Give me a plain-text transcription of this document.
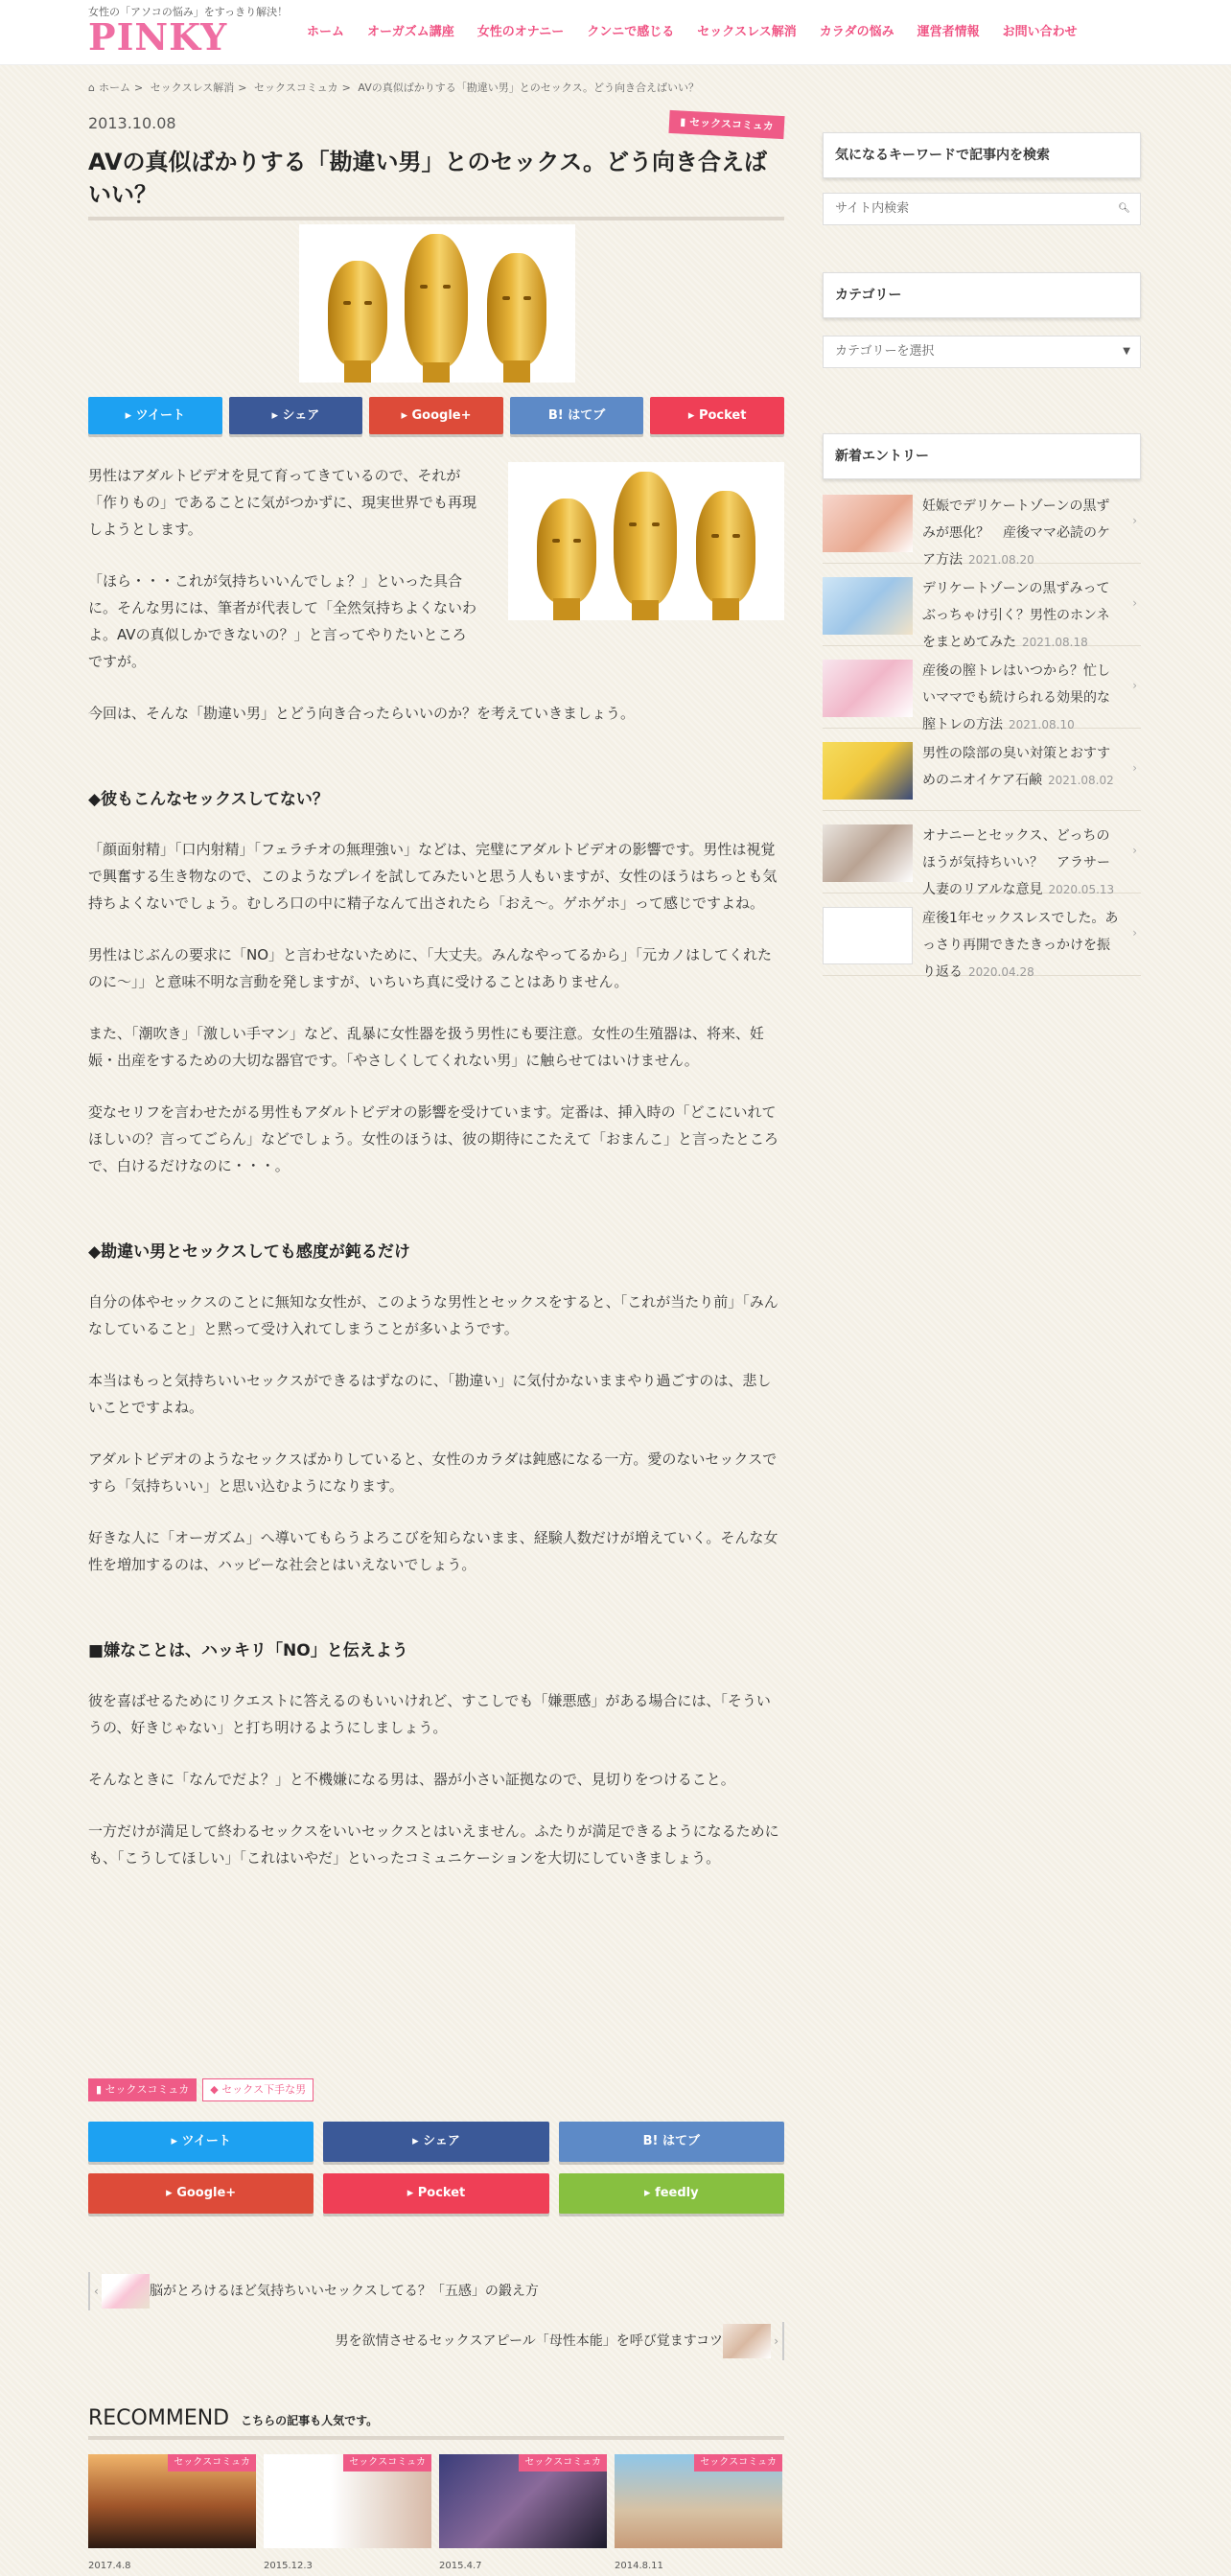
女性の「アソコの悩み」をすっきり解決！
PINKY	ホーム オーガズム講座 女性のオナニー クンニで感じる セックスレス解消 カラダの悩み 運営者情報 お問い合わせ
⌂ ホーム > セックスレス解消 > セックスコミュカ > AVの真似ばかりする「勘違い男」とのセックス。どう向き合えばいい？
2013.10.08	▮ セックスコミュカ
AVの真似ばかりする「勘違い男」とのセックス。どう向き合えばいい？
▸ ツイート	▸ シェア	▸ Google+	B! はてブ	▸ Pocket

男性はアダルトビデオを見て育ってきているので、それが「作りもの」であることに気がつかずに、現実世界でも再現しようとします。

「ほら・・・これが気持ちいいんでしょ？」といった具合に。そんな男には、筆者が代表して「全然気持ちよくないわよ。AVの真似しかできないの？」と言ってやりたいところですが。

今回は、そんな「勘違い男」とどう向き合ったらいいのか？を考えていきましょう。

◆彼もこんなセックスしてない？

「顔面射精」「口内射精」「フェラチオの無理強い」などは、完璧にアダルトビデオの影響です。男性は視覚で興奮する生き物なので、このようなプレイを試してみたいと思う人もいますが、女性のほうはちっとも気持ちよくないでしょう。むしろ口の中に精子なんて出されたら「おえ〜。ゲホゲホ」って感じですよね。

男性はじぶんの要求に「NO」と言わせないために、「大丈夫。みんなやってるから」「元カノはしてくれたのに〜」」と意味不明な言動を発しますが、いちいち真に受けることはありません。

また、「潮吹き」「激しい手マン」など、乱暴に女性器を扱う男性にも要注意。女性の生殖器は、将来、妊娠・出産をするための大切な器官です。「やさしくしてくれない男」に触らせてはいけません。

変なセリフを言わせたがる男性もアダルトビデオの影響を受けています。定番は、挿入時の「どこにいれてほしいの？言ってごらん」などでしょう。女性のほうは、彼の期待にこたえて「おまんこ」と言ったところで、白けるだけなのに・・・。

◆勘違い男とセックスしても感度が鈍るだけ

自分の体やセックスのことに無知な女性が、このような男性とセックスをすると、「これが当たり前」「みんなしていること」と黙って受け入れてしまうことが多いようです。

本当はもっと気持ちいいセックスができるはずなのに、「勘違い」に気付かないままやり過ごすのは、悲しいことですよね。

アダルトビデオのようなセックスばかりしていると、女性のカラダは鈍感になる一方。愛のないセックスですら「気持ちいい」と思い込むようになります。

好きな人に「オーガズム」へ導いてもらうよろこびを知らないまま、経験人数だけが増えていく。そんな女性を増加するのは、ハッピーな社会とはいえないでしょう。

■嫌なことは、ハッキリ「NO」と伝えよう

彼を喜ばせるためにリクエストに答えるのもいいけれど、すこしでも「嫌悪感」がある場合には、「そういうの、好きじゃない」と打ち明けるようにしましょう。

そんなときに「なんでだよ？」と不機嫌になる男は、器が小さい証拠なので、見切りをつけること。

一方だけが満足して終わるセックスをいいセックスとはいえません。ふたりが満足できるようになるためにも、「こうしてほしい」「これはいやだ」といったコミュニケーションを大切にしていきましょう。

▮ セックスコミュカ	◆ セックス下手な男
▸ ツイート	▸ シェア	B! はてブ
▸ Google+	▸ Pocket	▸ feedly
‹	脳がとろけるほど気持ちいいセックスしてる？「五感」の鍛え方
男を欲情させるセックスアピール「母性本能」を呼び覚ますコツ	›
RECOMMEND こちらの記事も人気です。
セックスコミュカ
2017.4.8
セックスコミュカ
2015.12.3
セックスコミュカ
2015.4.7
セックスコミュカ
2014.8.11
気になるキーワードで記事内を検索
サイト内検索	🔍︎
カテゴリー
カテゴリーを選択	▼
新着エントリー
妊娠でデリケートゾーンの黒ずみが悪化？　産後ママ必読のケア方法 2021.08.20
›
デリケートゾーンの黒ずみってぶっちゃけ引く？男性のホンネをまとめてみた 2021.08.18
›
産後の膣トレはいつから？忙しいママでも続けられる効果的な膣トレの方法 2021.08.10
›
男性の陰部の臭い対策とおすすめのニオイケア石鹸 2021.08.02
›
オナニーとセックス、どっちのほうが気持ちいい？　アラサー人妻のリアルな意見 2020.05.13
›
産後1年セックスレスでした。あっさり再開できたきっかけを振り返る 2020.04.28
›
